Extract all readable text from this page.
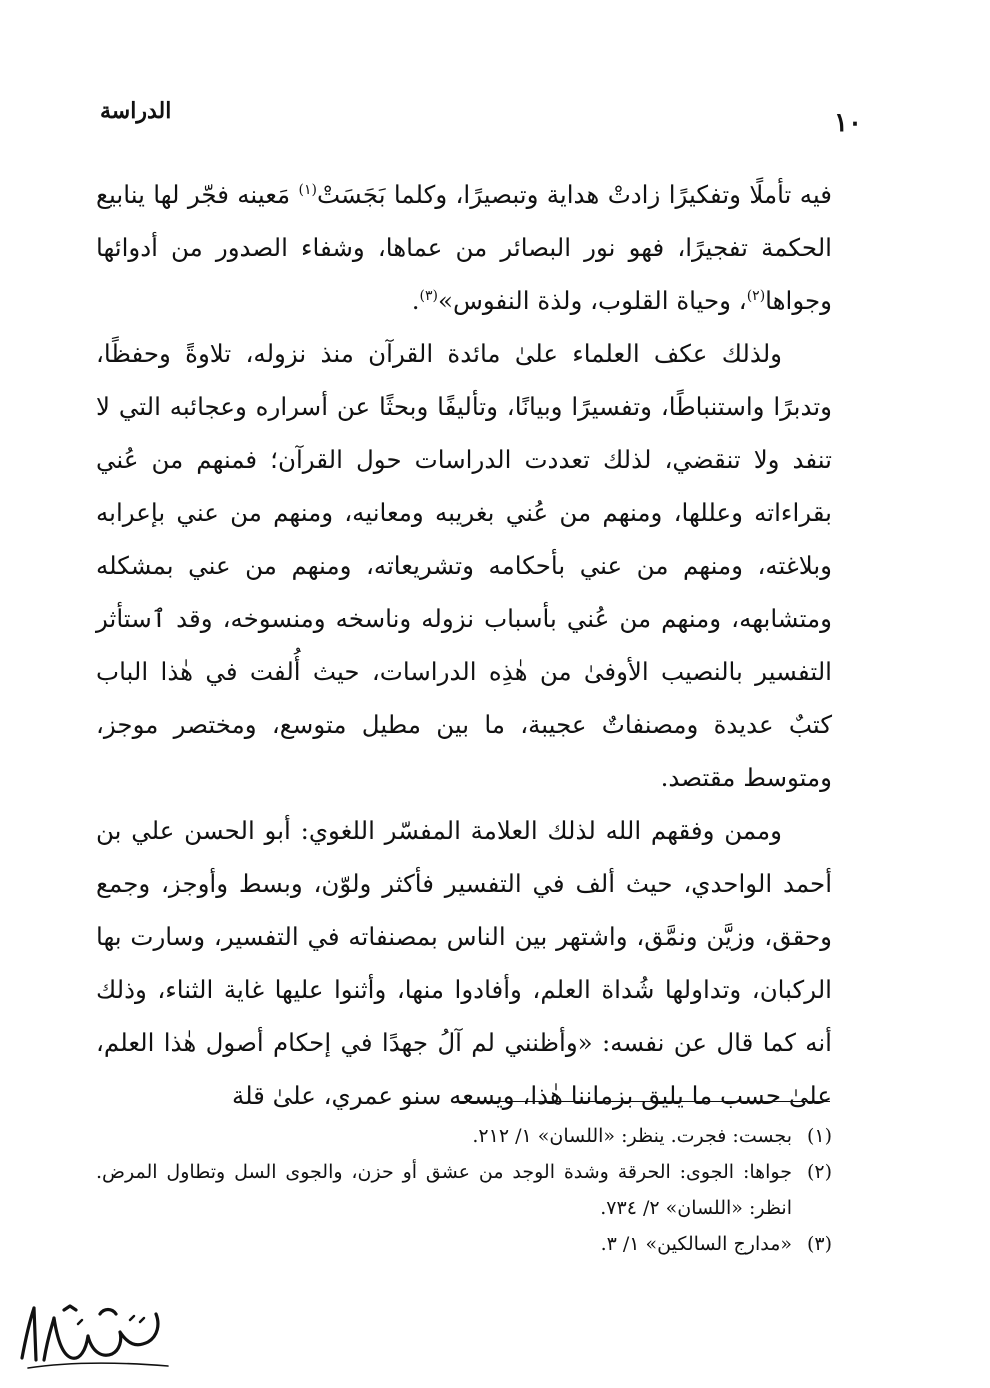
الدراسة	١٠

فيه تأملًا وتفكيرًا زادتْ هداية وتبصيرًا، وكلما بَجَسَتْ$^{(١)}$ مَعينه فجّر لها ينابيع الحكمة تفجيرًا، فهو نور البصائر من عماها، وشفاء الصدور من أدوائها وجواها$^{(٢)}$، وحياة القلوب، ولذة النفوس»$^{(٣)}$.

ولذلك عكف العلماء علىٰ مائدة القرآن منذ نزوله، تلاوةً وحفظًا، وتدبرًا واستنباطًا، وتفسيرًا وبيانًا، وتأليفًا وبحثًا عن أسراره وعجائبه التي لا تنفد ولا تنقضي، لذلك تعددت الدراسات حول القرآن؛ فمنهم من عُني بقراءاته وعللها، ومنهم من عُني بغريبه ومعانيه، ومنهم من عني بإعرابه وبلاغته، ومنهم من عني بأحكامه وتشريعاته، ومنهم من عني بمشكله ومتشابهه، ومنهم من عُني بأسباب نزوله وناسخه ومنسوخه، وقد ٱستأثر التفسير بالنصيب الأوفىٰ من هٰذِه الدراسات، حيث أُلفت في هٰذا الباب كتبٌ عديدة ومصنفاتٌ عجيبة، ما بين مطيل متوسع، ومختصر موجز، ومتوسط مقتصد.

وممن وفقهم الله لذلك العلامة المفسّر اللغوي: أبو الحسن علي بن أحمد الواحدي، حيث ألف في التفسير فأكثر ولوّن، وبسط وأوجز، وجمع وحقق، وزيَّن ونمَّق، واشتهر بين الناس بمصنفاته في التفسير، وسارت بها الركبان، وتداولها شُداة العلم، وأفادوا منها، وأثنوا عليها غاية الثناء، وذلك أنه كما قال عن نفسه: «وأظنني لم آلُ جهدًا في إحكام أصول هٰذا العلم، علىٰ حسب ما يليق بزماننا هٰذا، ويسعه سنو عمري، علىٰ قلة

(١)
بجست: فجرت. ينظر: «اللسان» ١/ ٢١٢.

(٢)
جواها: الجوى: الحرقة وشدة الوجد من عشق أو حزن، والجوى السل وتطاول المرض. انظر: «اللسان» ٢/ ٧٣٤.

(٣)
«مدارج السالكين» ١/ ٣.
